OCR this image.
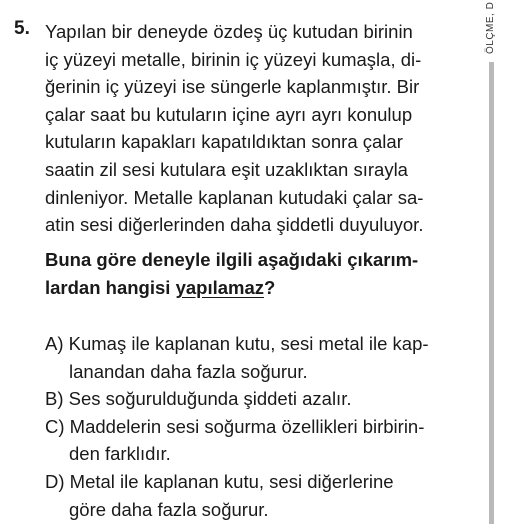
5. Yapılan bir deneyde özdeş üç kutudan birinin
iç yüzeyi metalle, birinin iç yüzeyi kumaşla, di-
ğerinin iç yüzeyi ise süngerle kaplanmıştır. Bir
çalar saat bu kutuların içine ayrı ayrı konulup
kutuların kapakları kapatıldıktan sonra çalar
saatin zil sesi kutulara eşit uzaklıktan sırayla
dinleniyor. Metalle kaplanan kutudaki çalar sa-
atin sesi diğerlerinden daha şiddetli duyuluyor.
Buna göre deneyle ilgili aşağıdaki çıkarım-
lardan hangisi yapılamaz?
A) Kumaş ile kaplanan kutu, sesi metal ile kap-
lanandan daha fazla soğurur.
B) Ses soğurulduğunda şiddeti azalır.
C) Maddelerin sesi soğurma özellikleri birbirin-
den farklıdır.
D) Metal ile kaplanan kutu, sesi diğerlerine
göre daha fazla soğurur.
ÖLÇME, D
